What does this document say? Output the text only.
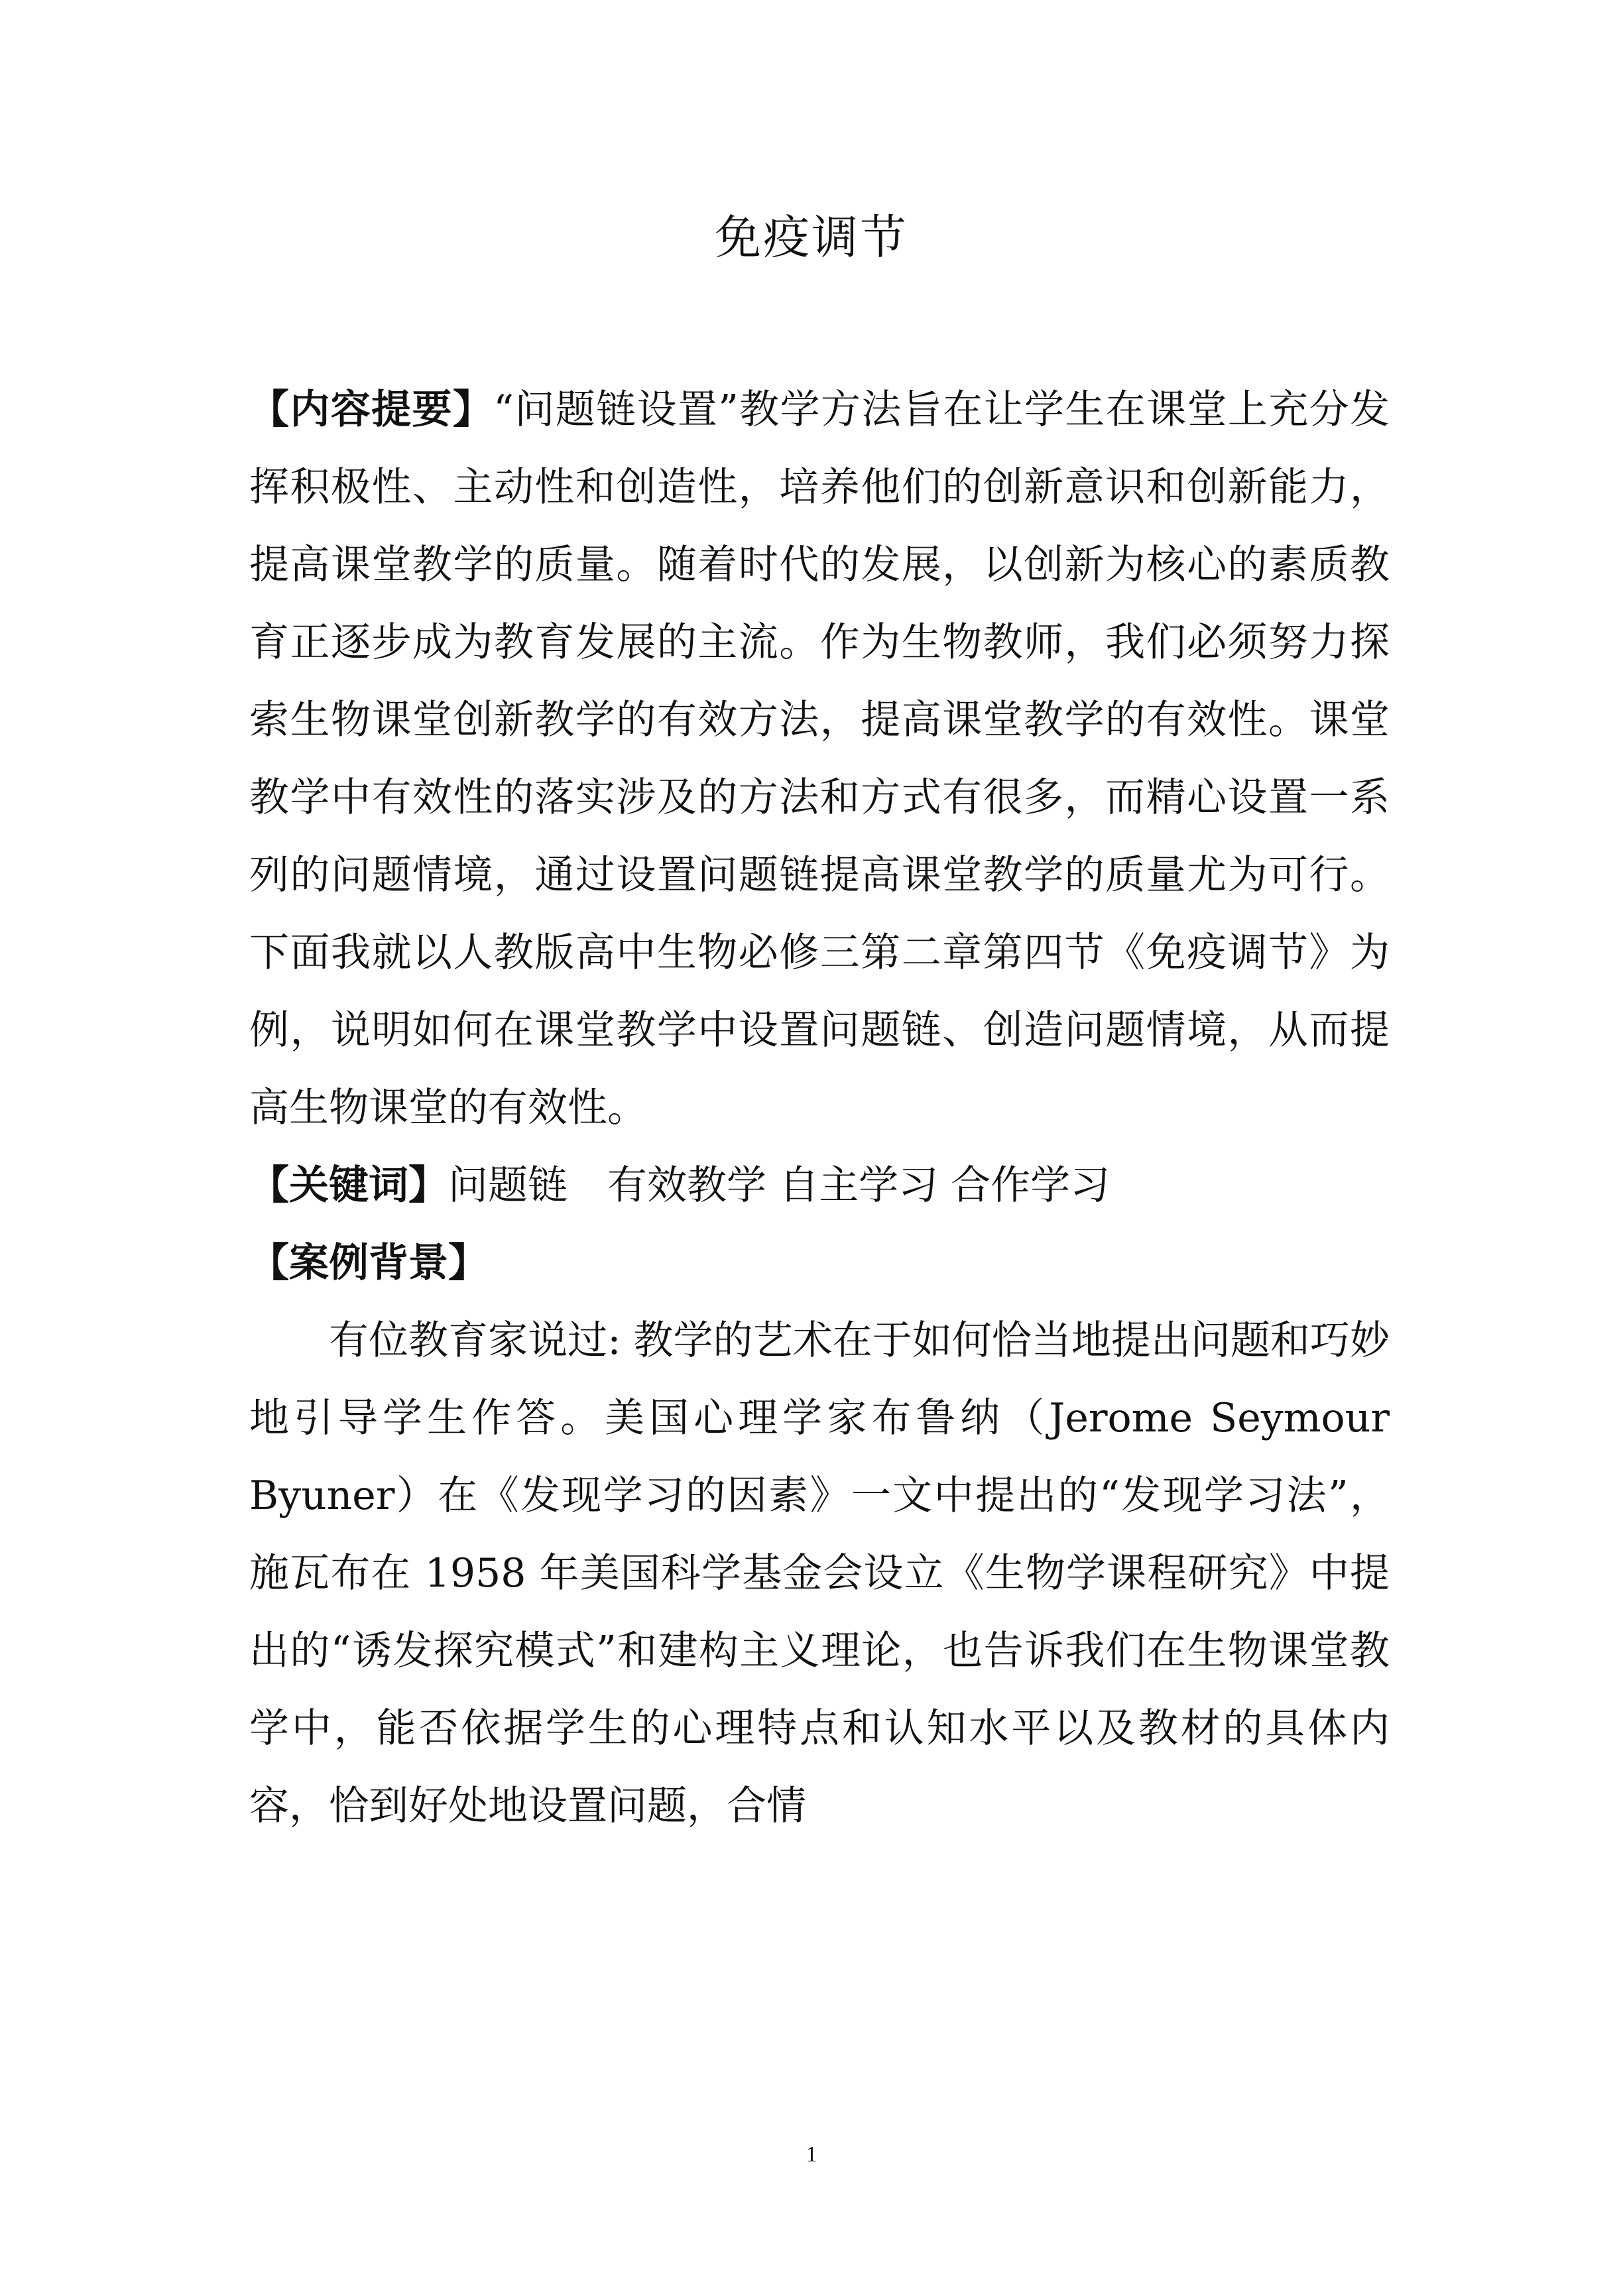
免疫调节

【内容提要】“问题链设置”教学方法旨在让学生在课堂上充分发挥积极性、主动性和创造性，培养他们的创新意识和创新能力，提高课堂教学的质量。随着时代的发展，以创新为核心的素质教育正逐步成为教育发展的主流。作为生物教师，我们必须努力探索生物课堂创新教学的有效方法，提高课堂教学的有效性。课堂教学中有效性的落实涉及的方法和方式有很多，而精心设置一系列的问题情境，通过设置问题链提高课堂教学的质量尤为可行。下面我就以人教版高中生物必修三第二章第四节《免疫调节》为例，说明如何在课堂教学中设置问题链、创造问题情境，从而提高生物课堂的有效性。

【关键词】问题链　有效教学 自主学习 合作学习

【案例背景】

有位教育家说过: 教学的艺术在于如何恰当地提出问题和巧妙地引导学生作答。美国心理学家布鲁纳（Jerome Seymour Byuner）在《发现学习的因素》一文中提出的“发现学习法”， 施瓦布在 1958 年美国科学基金会设立《生物学课程研究》中提出的“诱发探究模式”和建构主义理论，也告诉我们在生物课堂教学中，能否依据学生的心理特点和认知水平以及教材的具体内容，恰到好处地设置问题，合情

1
